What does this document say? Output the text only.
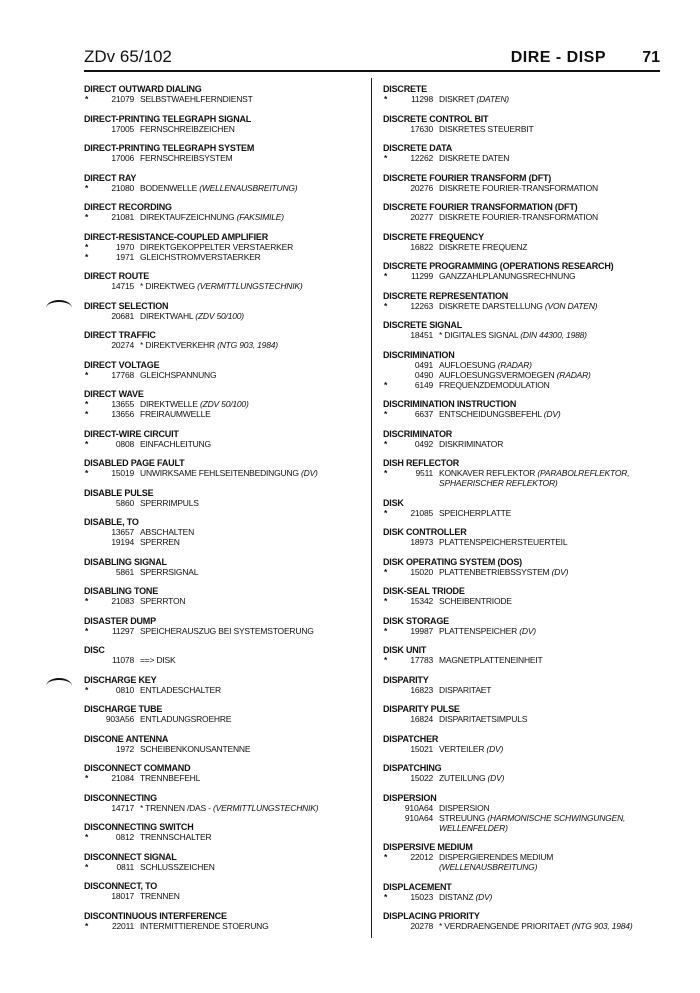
ZDv 65/102	DIRE - DISP 71
DIRECT OUTWARD DIALING
*	21079 SELBSTWAEHLFERNDIENST
DIRECT-PRINTING TELEGRAPH SIGNAL
17005 FERNSCHREIBZEICHEN
DIRECT-PRINTING TELEGRAPH SYSTEM
17006 FERNSCHREIBSYSTEM
DIRECT RAY
*	21080 BODENWELLE (WELLENAUSBREITUNG)
DIRECT RECORDING
*	21081 DIREKTAUFZEICHNUNG (FAKSIMILE)
DIRECT-RESISTANCE-COUPLED AMPLIFIER
*	1970 DIREKTGEKOPPELTER VERSTAERKER
*	1971 GLEICHSTROMVERSTAERKER
DIRECT ROUTE
14715 * DIREKTWEG (VERMITTLUNGSTECHNIK)
DIRECT SELECTION
20681 DIREKTWAHL (ZDV 50/100)
DIRECT TRAFFIC
20274 * DIREKTVERKEHR (NTG 903, 1984)
DIRECT VOLTAGE
*	17768 GLEICHSPANNUNG
DIRECT WAVE
*	13655 DIREKTWELLE (ZDV 50/100)
*	13656 FREIRAUMWELLE
DIRECT-WIRE CIRCUIT
*	0808 EINFACHLEITUNG
DISABLED PAGE FAULT
*	15019 UNWIRKSAME FEHLSEITENBEDINGUNG (DV)
DISABLE PULSE
5860 SPERRIMPULS
DISABLE, TO
13657 ABSCHALTEN
19194 SPERREN
DISABLING SIGNAL
5861 SPERRSIGNAL
DISABLING TONE
*	21083 SPERRTON
DISASTER DUMP
*	11297 SPEICHERAUSZUG BEI SYSTEMSTOERUNG
DISC
11078 ==> DISK
DISCHARGE KEY
*	0810 ENTLADESCHALTER
DISCHARGE TUBE
903A56 ENTLADUNGSROEHRE
DISCONE ANTENNA
1972 SCHEIBENKONUSANTENNE
DISCONNECT COMMAND
*	21084 TRENNBEFEHL
DISCONNECTING
14717 * TRENNEN /DAS - (VERMITTLUNGSTECHNIK)
DISCONNECTING SWITCH
*	0812 TRENNSCHALTER
DISCONNECT SIGNAL
*	0811 SCHLUSSZEICHEN
DISCONNECT, TO
18017 TRENNEN
DISCONTINUOUS INTERFERENCE
*	22011 INTERMITTIERENDE STOERUNG
DISCRETE
*	11298 DISKRET (DATEN)
DISCRETE CONTROL BIT
17630 DISKRETES STEUERBIT
DISCRETE DATA
*	12262 DISKRETE DATEN
DISCRETE FOURIER TRANSFORM (DFT)
20276 DISKRETE FOURIER-TRANSFORMATION
DISCRETE FOURIER TRANSFORMATION (DFT)
20277 DISKRETE FOURIER-TRANSFORMATION
DISCRETE FREQUENCY
16822 DISKRETE FREQUENZ
DISCRETE PROGRAMMING (OPERATIONS RESEARCH)
*	11299 GANZZAHLPLANUNGSRECHNUNG
DISCRETE REPRESENTATION
*	12263 DISKRETE DARSTELLUNG (VON DATEN)
DISCRETE SIGNAL
18451 * DIGITALES SIGNAL (DIN 44300, 1988)
DISCRIMINATION
0491 AUFLOESUNG (RADAR)
0490 AUFLOESUNGSVERMOEGEN (RADAR)
*	6149 FREQUENZDEMODULATION
DISCRIMINATION INSTRUCTION
*	6637 ENTSCHEIDUNGSBEFEHL (DV)
DISCRIMINATOR
*	0492 DISKRIMINATOR
DISH REFLECTOR
*	9511 KONKAVER REFLEKTOR (PARABOLREFLEKTOR,
SPHAERISCHER REFLEKTOR)
DISK
*	21085 SPEICHERPLATTE
DISK CONTROLLER
18973 PLATTENSPEICHERSTEUERTEIL
DISK OPERATING SYSTEM (DOS)
*	15020 PLATTENBETRIEBSSYSTEM (DV)
DISK-SEAL TRIODE
*	15342 SCHEIBENTRIODE
DISK STORAGE
*	19987 PLATTENSPEICHER (DV)
DISK UNIT
*	17783 MAGNETPLATTENEINHEIT
DISPARITY
16823 DISPARITAET
DISPARITY PULSE
16824 DISPARITAETSIMPULS
DISPATCHER
15021 VERTEILER (DV)
DISPATCHING
15022 ZUTEILUNG (DV)
DISPERSION
910A64 DISPERSION
910A64 STREUUNG (HARMONISCHE SCHWINGUNGEN,
WELLENFELDER)
DISPERSIVE MEDIUM
*	22012 DISPERGIERENDES MEDIUM
(WELLENAUSBREITUNG)
DISPLACEMENT
*	15023 DISTANZ (DV)
DISPLACING PRIORITY
20278 * VERDRAENGENDE PRIORITAET (NTG 903, 1984)
